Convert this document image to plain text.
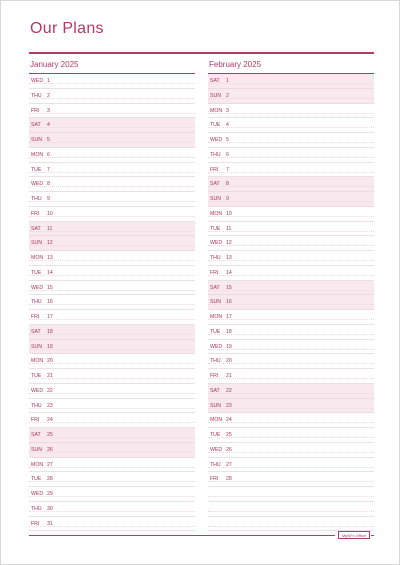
Our Plans
January 2025
WED 1
THU	2
FRI	3
SAT	4
SUN 5
MON 6
TUE	7
WED 8
THU	9
FRI	10
SAT	11
SUN 12
MON 13
TUE	14
WED 15
THU	16
FRI	17
SAT	18
SUN 19
MON 20
TUE	21
WED 22
THU	23
FRI	24
SAT	25
SUN 26
MON 27
TUE	28
WED 29
THU	30
FRI	31
February 2025
SAT	1
SUN 2
MON 3
TUE	4
WED 5
THU	6
FRI	7
SAT	8
SUN 9
MON 10
TUE	11
WED 12
THU	13
FRI	14
SAT	15
SUN 16
MON 17
TUE	18
WED 19
THU	20
FRI	21
SAT	22
SUN 23
MON 24
TUE	25
WED 26
THU	27
FRI	28
MyNFx Office
